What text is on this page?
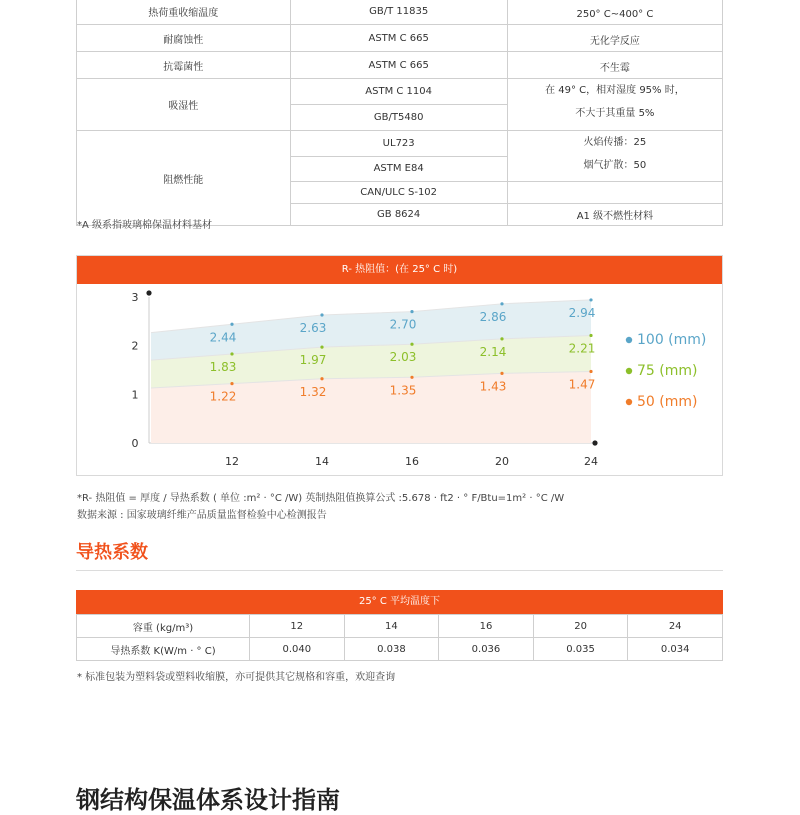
热荷重收缩温度	GB/T 11835	250° C~400° C
耐腐蚀性	ASTM C 665	无化学反应
抗霉菌性	ASTM C 665	不生霉
吸湿性	ASTM C 1104	在 49° C，相对湿度 95% 时，
不大于其重量 5%

	GB/T5480	
阻燃性能	UL723	火焰传播：25
烟气扩散：50

	ASTM E84	
	CAN/ULC S-102	
	GB 8624	A1 级不燃性材料
*A 级系指玻璃棉保温材料基材
R- 热阻值：(在 25° C 时)
0
1
2
3
12	14	16	20	24
2.44
2.63	2.70
2.86	2.94
1.83	1.97	2.03	2.14	2.21
1.22	1.32	1.35	1.43	1.47
100 (mm)
75 (mm)
50 (mm)
*R- 热阻值 = 厚度 / 导热系数 ( 单位 :m² · °C /W) 英制热阻值换算公式 :5.678 · ft2 · ° F/Btu=1m² · °C /W
数据来源 : 国家玻璃纤维产品质量监督检验中心检测报告
导热系数
25° C 平均温度下
容重 (kg/m³)	12	14	16	20	24
导热系数 K(W/m · ° C)	0.040	0.038	0.036	0.035	0.034
* 标准包装为塑料袋或塑料收缩膜，亦可提供其它规格和容重，欢迎查询
钢结构保温体系设计指南
